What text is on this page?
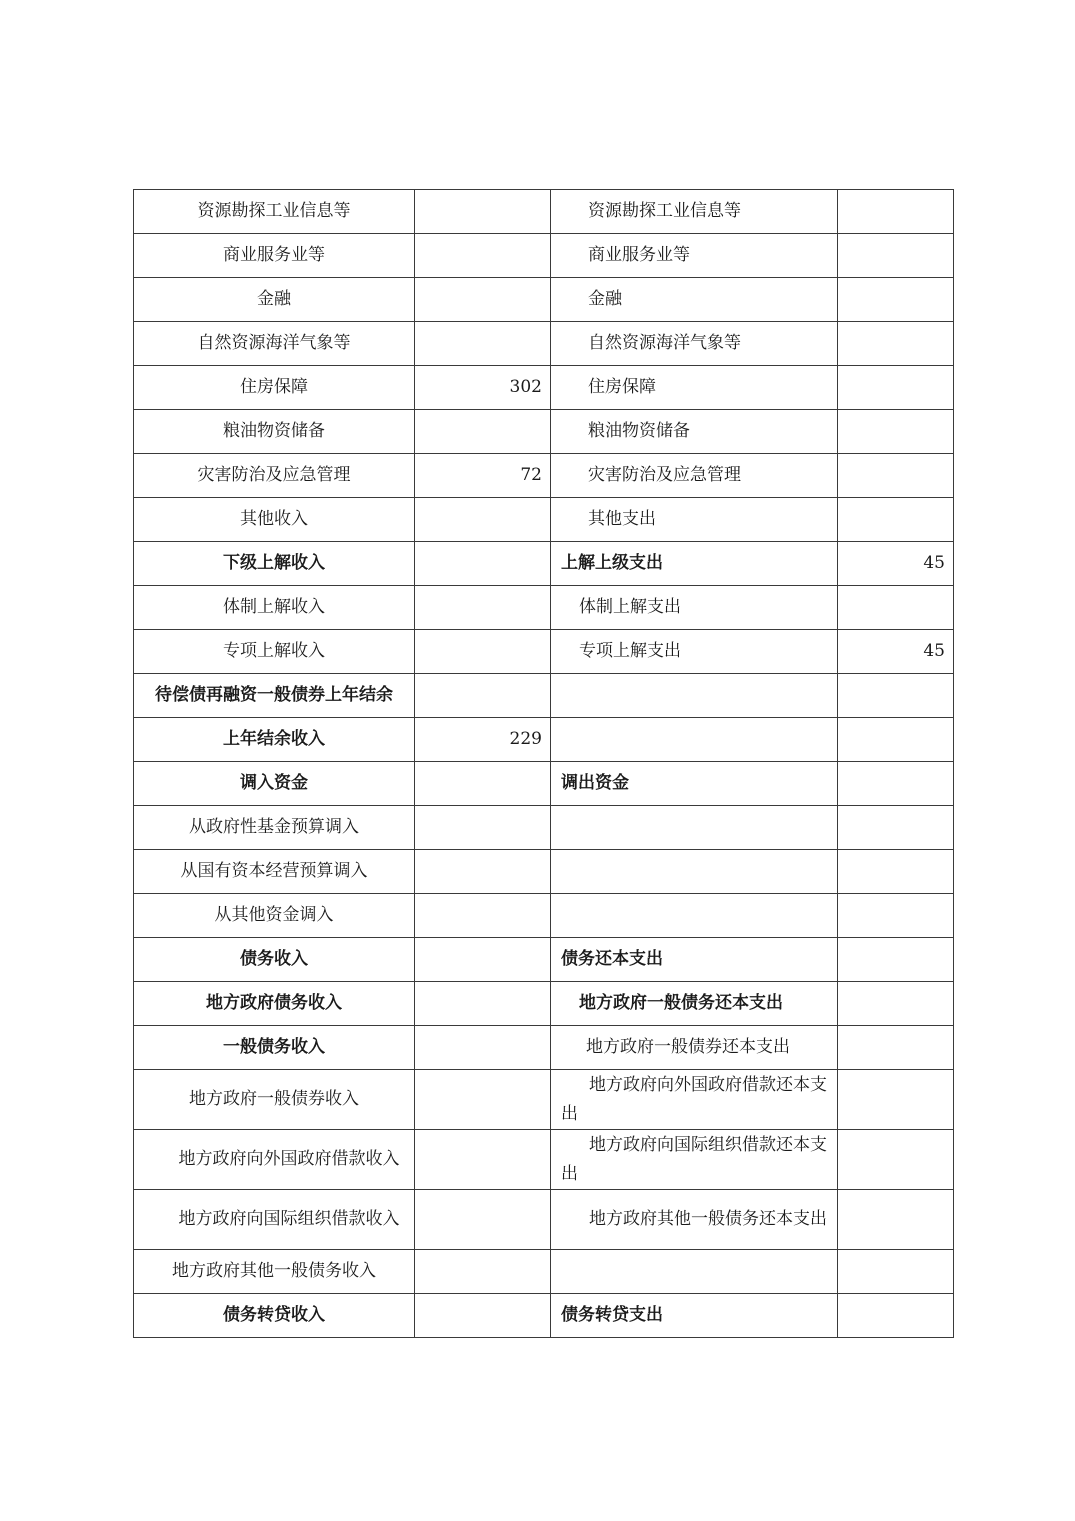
资源勘探工业信息等		资源勘探工业信息等	
商业服务业等		商业服务业等	
金融		金融	
自然资源海洋气象等		自然资源海洋气象等	
住房保障	302	住房保障	
粮油物资储备		粮油物资储备	
灾害防治及应急管理	72	灾害防治及应急管理	
其他收入		其他支出	
下级上解收入		上解上级支出	45
体制上解收入		体制上解支出	
专项上解收入		专项上解支出	45
待偿债再融资一般债券上年结余			
上年结余收入	229		
调入资金		调出资金	
从政府性基金预算调入			
从国有资本经营预算调入			
从其他资金调入			
债务收入		债务还本支出	
地方政府债务收入		地方政府一般债务还本支出	
一般债务收入		地方政府一般债券还本支出	
地方政府一般债券收入		地方政府向外国政府借款还本支出	
地方政府向外国政府借款收入		地方政府向国际组织借款还本支出	
地方政府向国际组织借款收入		地方政府其他一般债务还本支出	
地方政府其他一般债务收入			
债务转贷收入		债务转贷支出	
